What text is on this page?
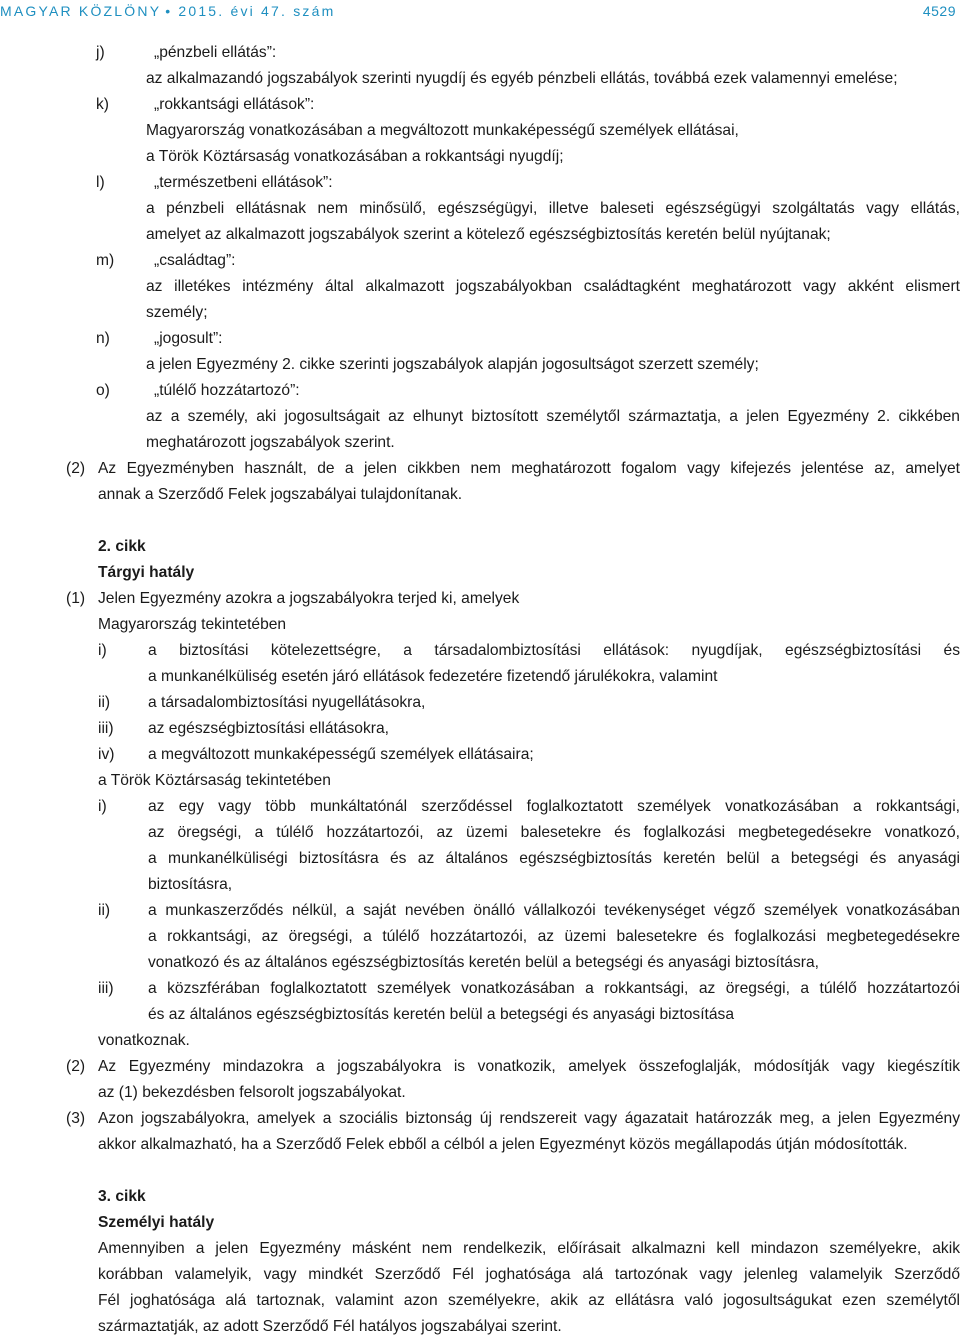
MAGYAR KÖZLÖNY • 2015. évi 47. szám	4529
j)	„pénzbeli ellátás”:
az alkalmazandó jogszabályok szerinti nyugdíj és egyéb pénzbeli ellátás, továbbá ezek valamennyi emelése;
k)	„rokkantsági ellátások”:
Magyarország vonatkozásában a megváltozott munkaképességű személyek ellátásai,
a Török Köztársaság vonatkozásában a rokkantsági nyugdíj;
l)	„természetbeni ellátások”:
a pénzbeli ellátásnak nem minősülő, egészségügyi, illetve baleseti egészségügyi szolgáltatás vagy ellátás,
amelyet az alkalmazott jogszabályok szerint a kötelező egészségbiztosítás keretén belül nyújtanak;
m)	„családtag”:
az illetékes intézmény által alkalmazott jogszabályokban családtagként meghatározott vagy akként elismert
személy;
n)	„jogosult”:
a jelen Egyezmény 2. cikke szerinti jogszabályok alapján jogosultságot szerzett személy;
o)	„túlélő hozzátartozó”:
az a személy, aki jogosultságait az elhunyt biztosított személytől származtatja, a jelen Egyezmény 2. cikkében
meghatározott jogszabályok szerint.
(2) Az Egyezményben használt, de a jelen cikkben nem meghatározott fogalom vagy kifejezés jelentése az, amelyet
annak a Szerződő Felek jogszabályai tulajdonítanak.
2. cikk
Tárgyi hatály
(1) Jelen Egyezmény azokra a jogszabályokra terjed ki, amelyek
Magyarország tekintetében
i)	a biztosítási kötelezettségre, a társadalombiztosítási ellátások: nyugdíjak, egészségbiztosítási és
a munkanélküliség esetén járó ellátások fedezetére fizetendő járulékokra, valamint
ii) a társadalombiztosítási nyugellátásokra,
iii) az egészségbiztosítási ellátásokra,
iv) a megváltozott munkaképességű személyek ellátásaira;
a Török Köztársaság tekintetében
i)	az egy vagy több munkáltatónál szerződéssel foglalkoztatott személyek vonatkozásában a rokkantsági,
az öregségi, a túlélő hozzátartozói, az üzemi balesetekre és foglalkozási megbetegedésekre vonatkozó,
a munkanélküliségi biztosításra és az általános egészségbiztosítás keretén belül a betegségi és anyasági
biztosításra,
ii) a munkaszerződés nélkül, a saját nevében önálló vállalkozói tevékenységet végző személyek vonatkozásában
a rokkantsági, az öregségi, a túlélő hozzátartozói, az üzemi balesetekre és foglalkozási megbetegedésekre
vonatkozó és az általános egészségbiztosítás keretén belül a betegségi és anyasági biztosításra,
iii) a közszférában foglalkoztatott személyek vonatkozásában a rokkantsági, az öregségi, a túlélő hozzátartozói
és az általános egészségbiztosítás keretén belül a betegségi és anyasági biztosítása
vonatkoznak.
(2) Az Egyezmény mindazokra a jogszabályokra is vonatkozik, amelyek összefoglalják, módosítják vagy kiegészítik
az (1) bekezdésben felsorolt jogszabályokat.
(3) Azon jogszabályokra, amelyek a szociális biztonság új rendszereit vagy ágazatait határozzák meg, a jelen Egyezmény
akkor alkalmazható, ha a Szerződő Felek ebből a célból a jelen Egyezményt közös megállapodás útján módosították.
3. cikk
Személyi hatály
Amennyiben a jelen Egyezmény másként nem rendelkezik, előírásait alkalmazni kell mindazon személyekre, akik
korábban valamelyik, vagy mindkét Szerződő Fél joghatósága alá tartozónak vagy jelenleg valamelyik Szerződő
Fél joghatósága alá tartoznak, valamint azon személyekre, akik az ellátásra való jogosultságukat ezen személytől
származtatják, az adott Szerződő Fél hatályos jogszabályai szerint.
